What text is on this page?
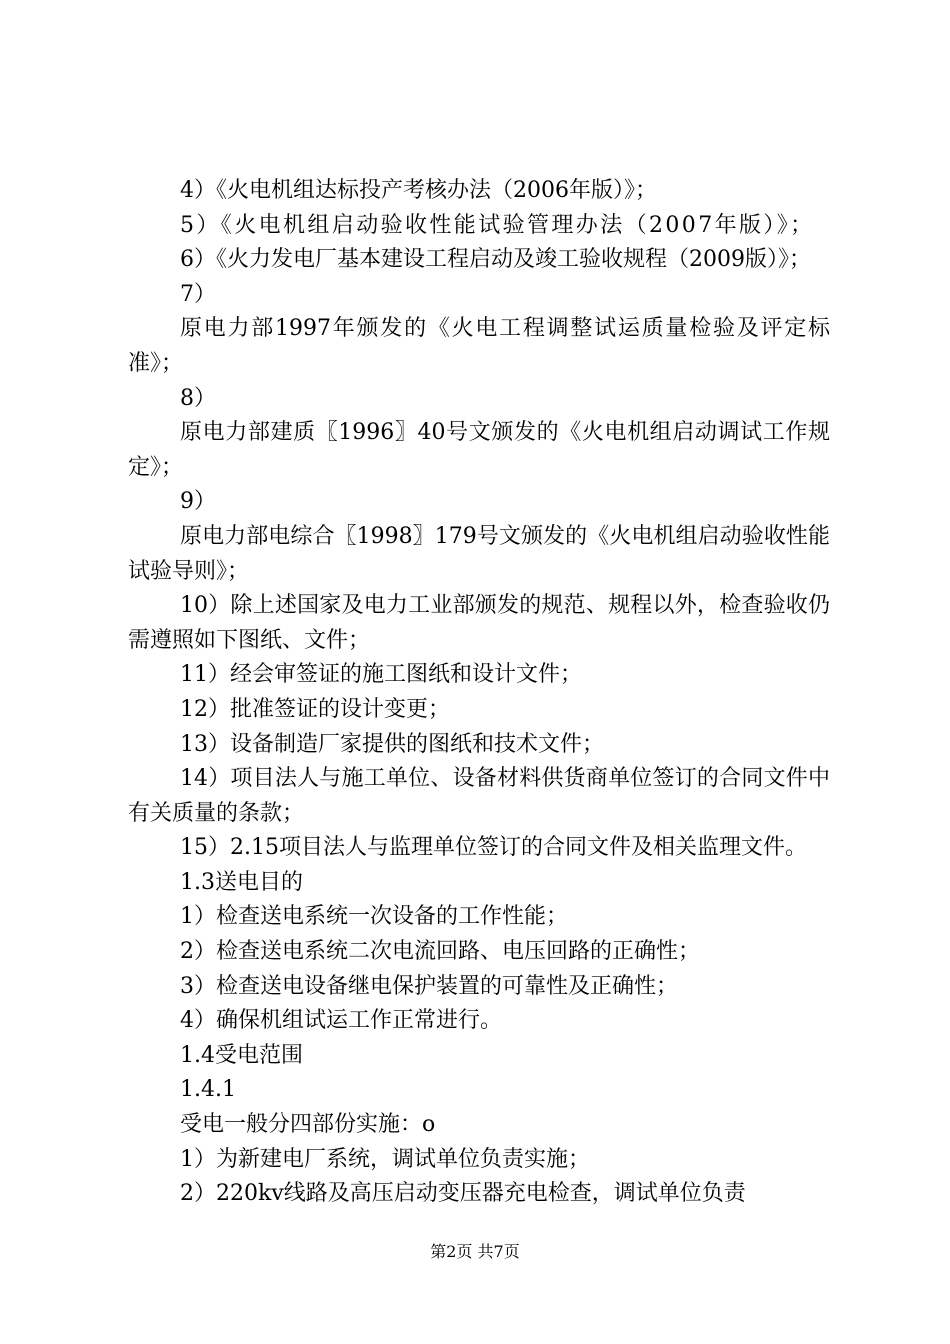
4）《火电机组达标投产考核办法（2006年版）》；

5）《火电机组启动验收性能试验管理办法（2007年版）》；

6）《火力发电厂基本建设工程启动及竣工验收规程（2009版）》；

7）

原电力部1997年颁发的《火电工程调整试运质量检验及评定标准》；

8）

原电力部建质〖1996〗40号文颁发的《火电机组启动调试工作规定》；

9）

原电力部电综合〖1998〗179号文颁发的《火电机组启动验收性能试验导则》；

10）除上述国家及电力工业部颁发的规范、规程以外，检查验收仍需遵照如下图纸、文件；

11）经会审签证的施工图纸和设计文件；

12）批准签证的设计变更；

13）设备制造厂家提供的图纸和技术文件；

14）项目法人与施工单位、设备材料供货商单位签订的合同文件中有关质量的条款；

15）2.15项目法人与监理单位签订的合同文件及相关监理文件。

1.3送电目的

1）检查送电系统一次设备的工作性能；

2）检查送电系统二次电流回路、电压回路的正确性；

3）检查送电设备继电保护装置的可靠性及正确性；

4）确保机组试运工作正常进行。

1.4受电范围

1.4.1

受电一般分四部份实施：o

1）为新建电厂系统，调试单位负责实施；

2）220kv线路及高压启动变压器充电检查，调试单位负责

第2页 共7页
